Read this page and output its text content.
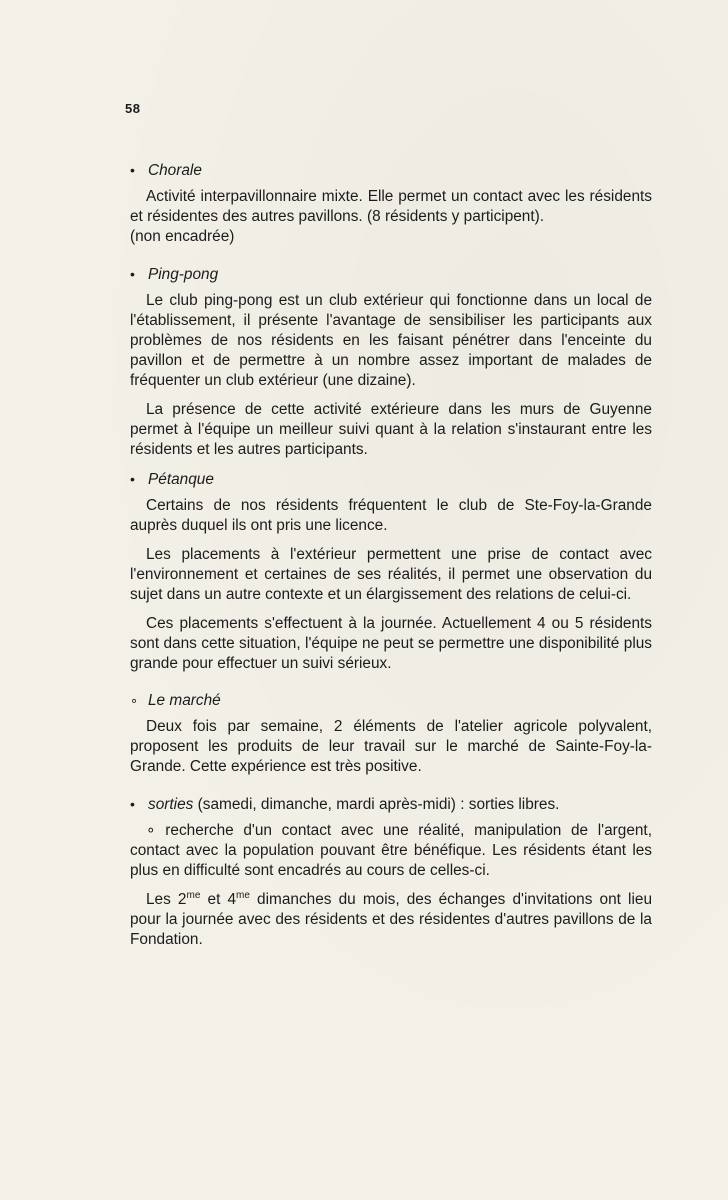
58
• Chorale

Activité interpavillonnaire mixte. Elle permet un contact avec les résidents et résidentes des autres pavillons. (8 résidents y participent).

(non encadrée)

• Ping-pong

Le club ping-pong est un club extérieur qui fonctionne dans un local de l'établissement, il présente l'avantage de sensibiliser les participants aux problèmes de nos résidents en les faisant pénétrer dans l'enceinte du pavillon et de permettre à un nombre assez important de malades de fréquenter un club extérieur (une dizaine).

La présence de cette activité extérieure dans les murs de Guyenne permet à l'équipe un meilleur suivi quant à la relation s'instaurant entre les résidents et les autres participants.

• Pétanque

Certains de nos résidents fréquentent le club de Ste-Foy-la-Grande auprès duquel ils ont pris une licence.

Les placements à l'extérieur permettent une prise de contact avec l'environnement et certaines de ses réalités, il permet une observation du sujet dans un autre contexte et un élargissement des relations de celui-ci.

Ces placements s'effectuent à la journée. Actuellement 4 ou 5 résidents sont dans cette situation, l'équipe ne peut se permettre une disponibilité plus grande pour effectuer un suivi sérieux.

∘ Le marché

Deux fois par semaine, 2 éléments de l'atelier agricole polyvalent, proposent les produits de leur travail sur le marché de Sainte-Foy-la-Grande. Cette expérience est très positive.

• sorties (samedi, dimanche, mardi après-midi) : sorties libres.

∘ recherche d'un contact avec une réalité, manipulation de l'argent, contact avec la population pouvant être bénéfique. Les résidents étant les plus en difficulté sont encadrés au cours de celles-ci.

Les $2^{me}$ et $4^{me}$ dimanches du mois, des échanges d'invitations ont lieu pour la journée avec des résidents et des résidentes d'autres pavillons de la Fondation.
